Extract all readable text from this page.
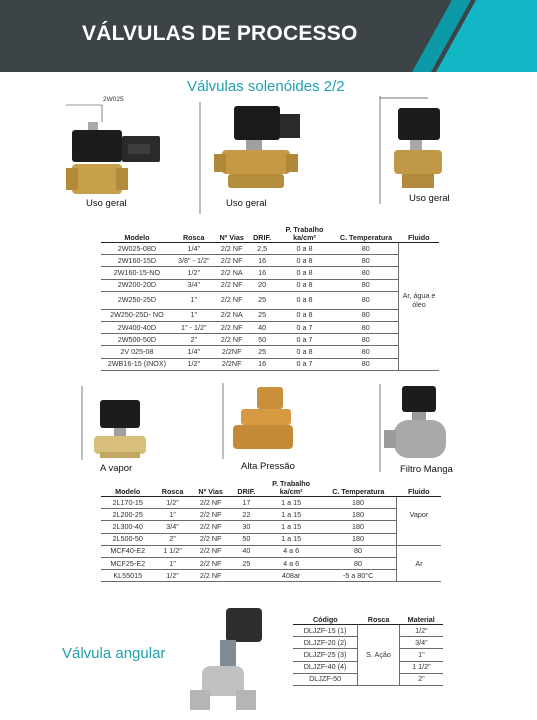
VÁLVULAS DE PROCESSO
Válvulas solenóides 2/2
2W025
Uso geral	Uso geral	Uso geral
Modelo	Rosca	Nº Vias	DRIF.	P. Trabalho ka/cm²	C. Temperatura	Fluido
2W025-08D	1/4"	2/2 NF	2,5	0 a 8	80	
2W160-15D	3/8" - 1/2"	2/2 NF	16	0 a 8	80	
2W160-15-NO	1/2"	2/2 NA	16	0 a 8	80	
2W200-20D	3/4"	2/2 NF	20	0 a 8	80	
2W250-25D	1"	2/2 NF	25	0 a 8	80	Ar, água e óleo
2W250-25D- NO	1"	2/2 NA	25	0 a 8	80	
2W400-40D	1" - 1/2"	2/2 NF	40	0 a 7	80	
2W500-50D	2"	2/2 NF	50	0 a 7	80	
2V 025-08	1/4"	2/2NF	25	0 a 8	80	
2WB16-15 (INOX)	1/2"	2/2NF	16	0 a 7	80	
A vapor	Alta Pressão	Filtro Manga
Modelo	Rosca	Nº Vias	DRIF.	P. Trabalho ka/cm²	C. Temperatura	Fluido
2L170-15	1/2"	2/2 NF	17	1 a 15	180	
2L200-25	1"	2/2 NF	22	1 a 15	180	Vapor
2L300-40	3/4"	2/2 NF	30	1 a 15	180	
2L500-50	2"	2/2 NF	50	1 a 15	180	
MCF40-E2	1 1/2"	2/2 NF	40	4 a 6	80	
MCF25-E2	1"	2/2 NF	25	4 a 6	80	Ar
KL55015	1/2"	2/2 NF		408ar	-5 a 80°C	
Válvula angular
Código	Rosca	Material
DLJZF-15 (1)		1/2"
DLJZF-20 (2)		3/4"
DLJZF-25 (3)	S. Ação	1"
DLJZF-40 (4)		1 1/2"
DLJZF-50		2"
